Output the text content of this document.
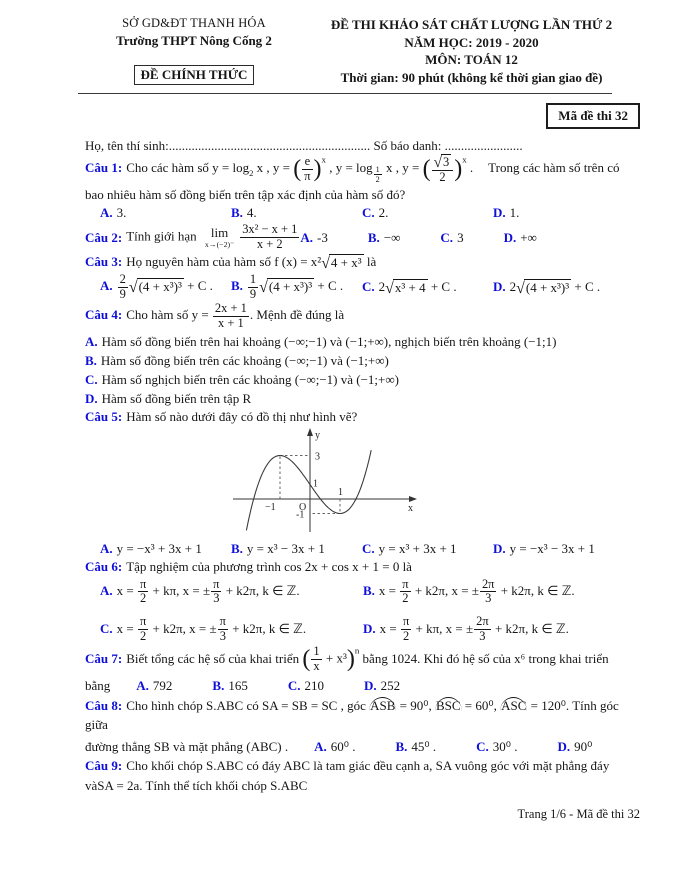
SỞ GD&ĐT THANH HÓA
Trường THPT Nông Cống 2
ĐỀ CHÍNH THỨC
ĐỀ THI KHẢO SÁT CHẤT LƯỢNG LẦN THỨ 2
NĂM HỌC: 2019 - 2020
MÔN: TOÁN 12
Thời gian: 90 phút (không kể thời gian giao đề)
Mã đề thi 32
Họ, tên thí sinh:.............................................................. Số báo danh: ........................
Câu 1: Cho các hàm số $y = \log_2 x$ , y = ( $\frac{e}{\pi}$ ) $^x$ , y = log $_{\frac{1}{2}}$ x , y = ( $\frac{√ 3}{2}$ ) $^x$ . Trong các hàm số trên có bao nhiêu hàm số đồng biến trên tập xác định của hàm số đó?
A. 3.	B. 4.	C. 2.	D. 1.
Câu 2: Tính giới hạn lim
$x\to(-2)^- \frac{\text{3x² − x + 1}}{x + 2} A$. -3	B. −∞	C. 3	D. +∞
Câu 3: Họ nguyên hàm của hàm số f (x) = x² √ 4 + x³ là
A. $\frac{2}{9}$ √ (4 + x³)³ + C .	B. $\frac{1}{9}$ √ (4 + x³)³ + C .	C. 2 √ x³ + 4 + C .	D. 2 √ (4 + x³)³ + C .
Câu 4: Cho hàm số $y = \frac{2x + 1}{x + 1}$ . Mệnh đề đúng là
A. Hàm số đồng biến trên hai khoảng (−∞;−1) và (−1;+∞), nghịch biến trên khoảng (−1;1)
B. Hàm số đồng biến trên các khoảng (−∞;−1) và (−1;+∞)
C. Hàm số nghịch biến trên các khoảng (−∞;−1) và (−1;+∞)
D. Hàm số đồng biến trên tập R
Câu 5: Hàm số nào dưới đây có đồ thị như hình vẽ?
y
x
O
3
1
−1
1
-1
A. y = −x³ + 3x + 1	B. y = x³ − 3x + 1	C. y = x³ + 3x + 1	D. y = −x³ − 3x + 1
Câu 6: Tập nghiệm của phương trình cos 2x + cos x + 1 = 0 là
A. $x = \frac{\pi}{2} + k\pi$, x = ± $\frac{\pi}{3} + k2\pi$, k ∈ ℤ.	B. $x = \frac{\pi}{2} + k2\pi$, x = ± $\frac{2\pi}{3} + k2\pi$, k ∈ ℤ.
C. $x = \frac{\pi}{2} + k2\pi$, x = ± $\frac{\pi}{3} + k2\pi$, k ∈ ℤ.	D. $x = \frac{\pi}{2} + k\pi$, x = ± $\frac{2\pi}{3} + k2\pi$, k ∈ ℤ.
Câu 7: Biết tổng các hệ số của khai triển ( $\frac{1}{x} + x^3$ ) $^n$ bằng 1024. Khi đó hệ số của x⁶ trong khai triển
bằng A. 792	B. 165	C. 210	D. 252
Câu 8: Cho hình chóp S.ABC có SA = SB = SC , góc ASB = 90⁰, BSC = 60⁰, ASC = 120⁰. Tính góc giữa
đường thẳng SB và mặt phẳng (ABC) . A. 60⁰ .	B. 45⁰ .	C. 30⁰ .	D. 90⁰
Câu 9: Cho khối chóp S.ABC có đáy ABC là tam giác đều cạnh a, SA vuông góc với mặt phẳng đáy vàSA = 2a. Tính thể tích khối chóp S.ABC
Trang 1/6 - Mã đề thi 32
